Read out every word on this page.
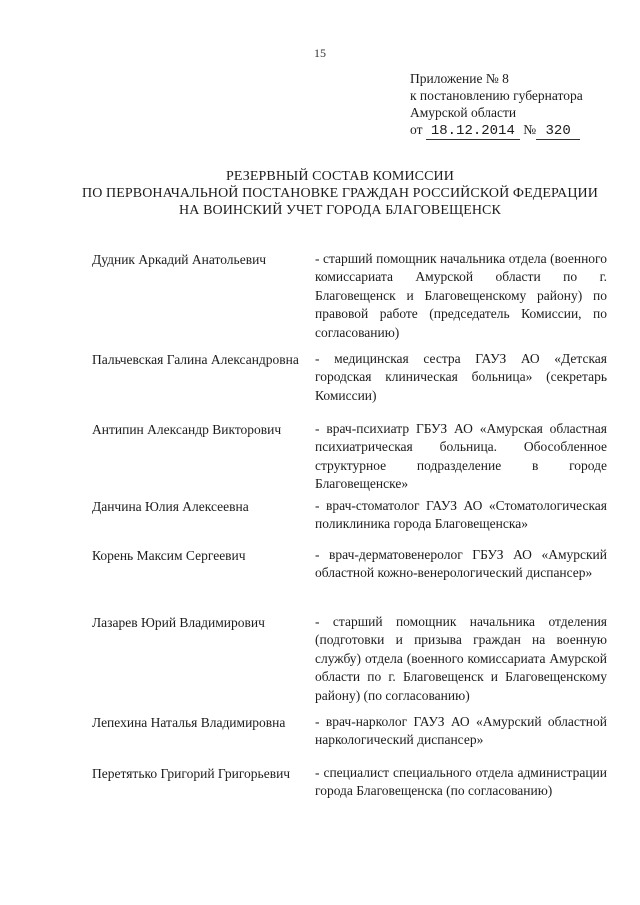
15
Приложение № 8
к постановлению губернатора
Амурской области
от 18.12.2014 № 320
РЕЗЕРВНЫЙ СОСТАВ КОМИССИИ
ПО ПЕРВОНАЧАЛЬНОЙ ПОСТАНОВКЕ ГРАЖДАН РОССИЙСКОЙ ФЕДЕРАЦИИ
НА ВОИНСКИЙ УЧЕТ ГОРОДА БЛАГОВЕЩЕНСК
Дудник Аркадий Анатольевич	- старший помощник начальника отдела (военного комиссариата Амурской области по г. Благовещенск и Благовещенскому району) по правовой работе (председатель Комиссии, по согласованию)
Пальчевская Галина Александровна	- медицинская сестра ГАУЗ АО «Детская городская клиническая больница» (секретарь Комиссии)
Антипин Александр Викторович	- врач-психиатр ГБУЗ АО «Амурская областная психиатрическая больница. Обособленное структурное подразделение в городе Благовещенске»
Данчина Юлия Алексеевна	- врач-стоматолог ГАУЗ АО «Стоматологическая поликлиника города Благовещенска»
Корень Максим Сергеевич	- врач-дерматовенеролог ГБУЗ АО «Амурский областной кожно-венерологический диспансер»
Лазарев Юрий Владимирович	- старший помощник начальника отделения (подготовки и призыва граждан на военную службу) отдела (военного комиссариата Амурской области по г. Благовещенск и Благовещенскому району) (по согласованию)
Лепехина Наталья Владимировна	- врач-нарколог ГАУЗ АО «Амурский областной наркологический диспансер»
Перетятько Григорий Григорьевич	- специалист специального отдела администрации города Благовещенска (по согласованию)
